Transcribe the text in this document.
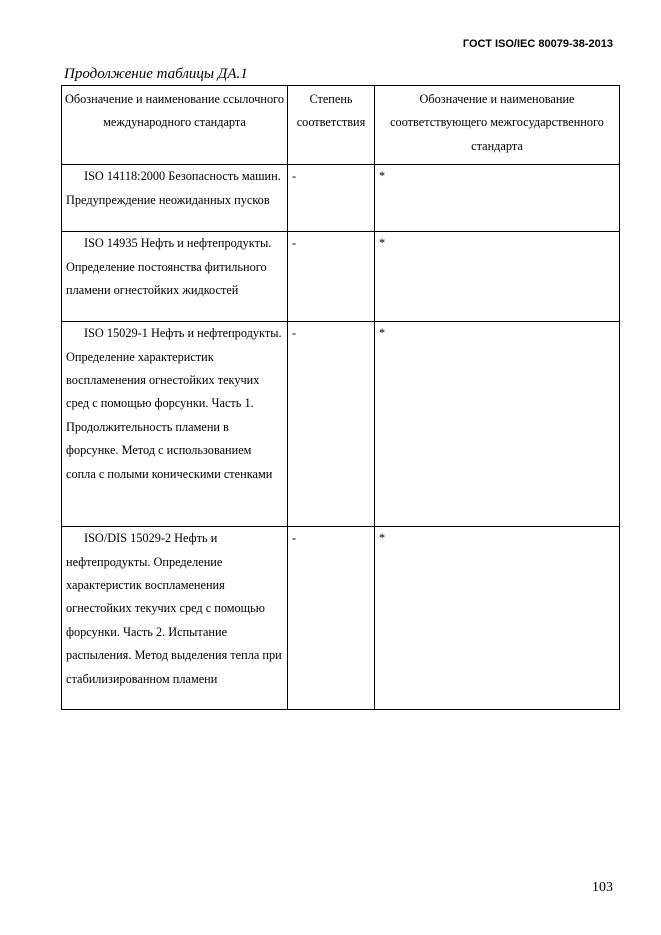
ГОСТ ISO/IEC 80079-38-2013
Продолжение таблицы ДА.1
Обозначение и наименование ссылочного международного стандарта	Степень соответствия	Обозначение и наименование соответствующего межгосударственного стандарта

ISO 14118:2000 Безопасность машин. Предупреждение неожиданных пусков	-	*

ISO 14935 Нефть и нефтепродукты. Определение постоянства фитильного пламени огнестойких жидкостей	-	*

ISO 15029-1 Нефть и нефтепродукты. Определение характеристик воспламенения огнестойких текучих сред с помощью форсунки. Часть 1. Продолжительность пламени в форсунке. Метод с использованием сопла с полыми коническими стенками	-	*

ISO/DIS 15029-2 Нефть и нефтепродукты. Определение характеристик воспламенения огнестойких текучих сред с помощью форсунки. Часть 2. Испытание распыления. Метод выделения тепла при стабилизированном пламени	-	*
103
